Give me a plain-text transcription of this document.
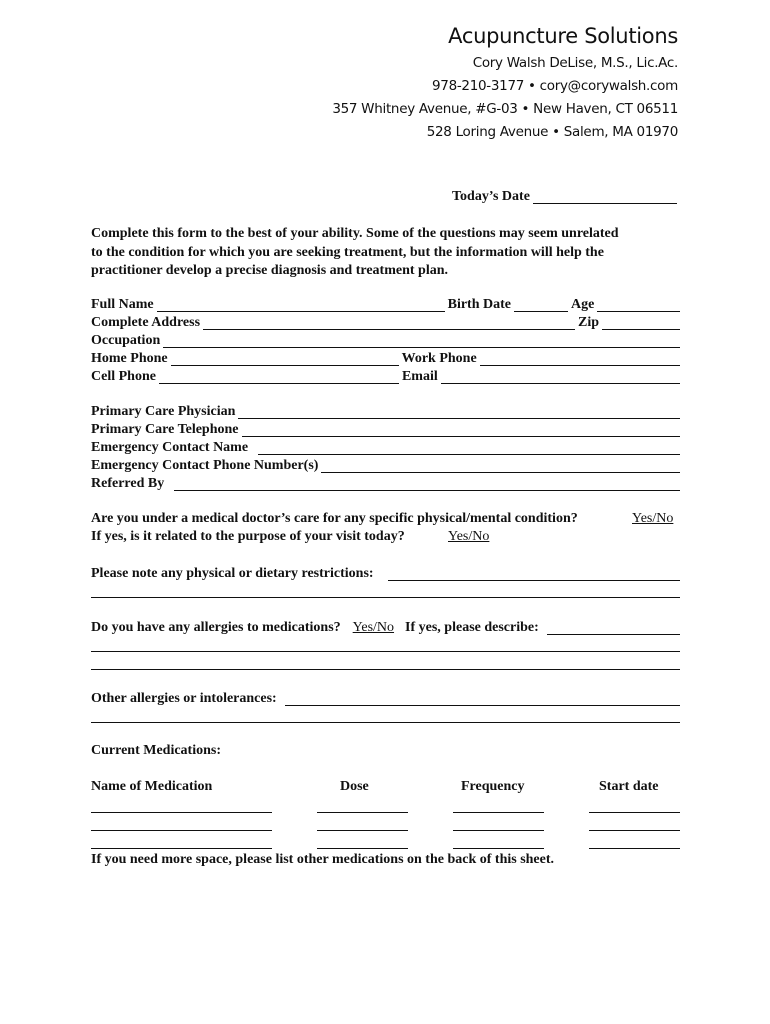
Acupuncture Solutions
Cory Walsh DeLise, M.S., Lic.Ac.
978-210-3177 • cory@corywalsh.com
357 Whitney Avenue, #G-03 • New Haven, CT 06511
528 Loring Avenue • Salem, MA 01970
Today’s Date
Complete this form to the best of your ability. Some of the questions may seem unrelated
to the condition for which you are seeking treatment, but the information will help the
practitioner develop a precise diagnosis and treatment plan.
Full Name	Birth Date	Age
Complete Address	Zip
Occupation
Home Phone	Work Phone
Cell Phone	Email
Primary Care Physician
Primary Care Telephone
Emergency Contact Name
Emergency Contact Phone Number(s)
Referred By
Are you under a medical doctor’s care for any specific physical/mental condition?	Yes/No
If yes, is it related to the purpose of your visit today?	Yes/No
Please note any physical or dietary restrictions:
Do you have any allergies to medications? Yes/No If yes, please describe:
Other allergies or intolerances:
Current Medications:
Name of Medication	Dose	Frequency	Start date
If you need more space, please list other medications on the back of this sheet.
